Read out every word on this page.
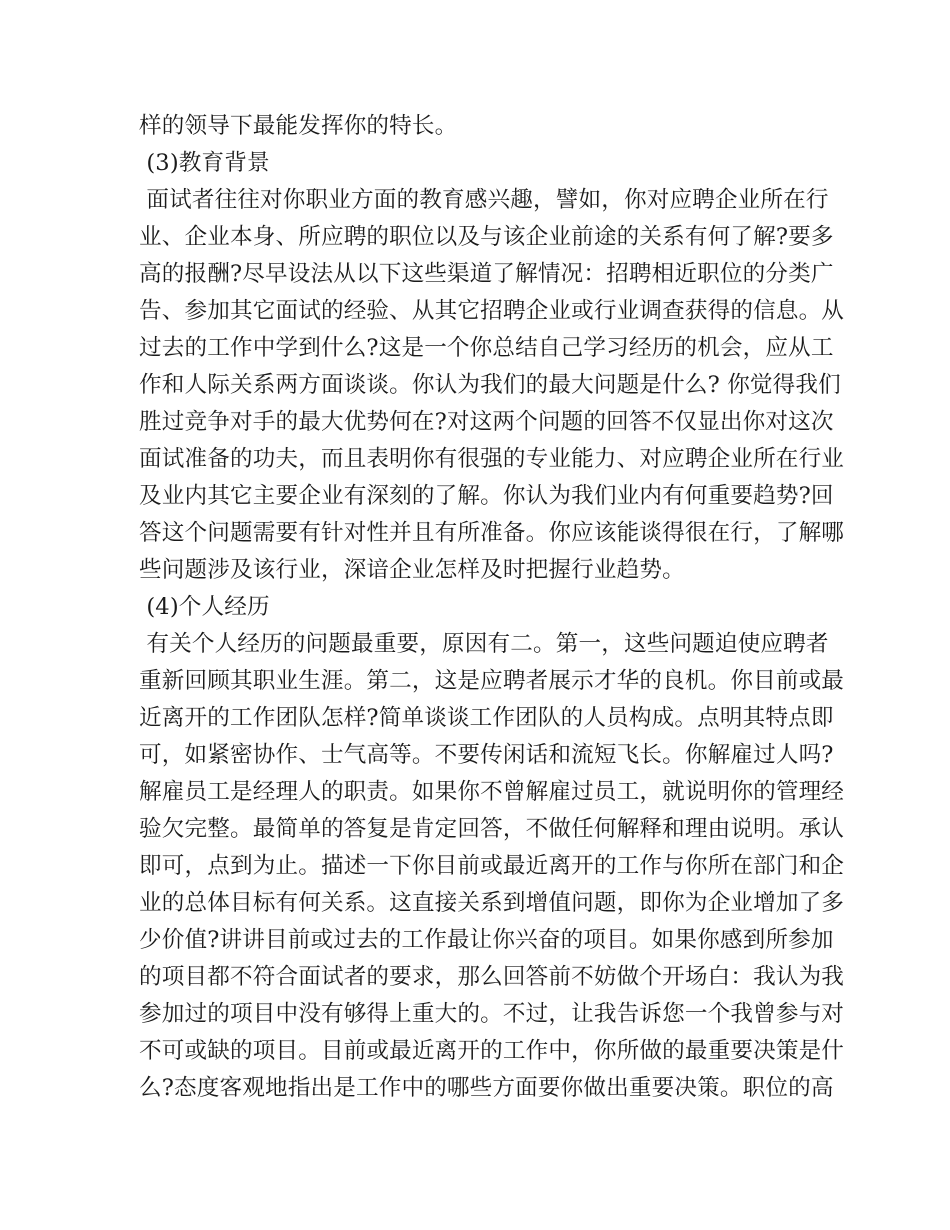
样的领导下最能发挥你的特长。
(3)教育背景
面试者往往对你职业方面的教育感兴趣，譬如，你对应聘企业所在行
业、企业本身、所应聘的职位以及与该企业前途的关系有何了解?要多
高的报酬?尽早设法从以下这些渠道了解情况：招聘相近职位的分类广
告、参加其它面试的经验、从其它招聘企业或行业调查获得的信息。从
过去的工作中学到什么?这是一个你总结自己学习经历的机会，应从工
作和人际关系两方面谈谈。你认为我们的最大问题是什么? 你觉得我们
胜过竞争对手的最大优势何在?对这两个问题的回答不仅显出你对这次
面试准备的功夫，而且表明你有很强的专业能力、对应聘企业所在行业
及业内其它主要企业有深刻的了解。你认为我们业内有何重要趋势?回
答这个问题需要有针对性并且有所准备。你应该能谈得很在行，了解哪
些问题涉及该行业，深谙企业怎样及时把握行业趋势。
(4)个人经历
有关个人经历的问题最重要，原因有二。第一，这些问题迫使应聘者
重新回顾其职业生涯。第二，这是应聘者展示才华的良机。你目前或最
近离开的工作团队怎样?简单谈谈工作团队的人员构成。点明其特点即
可，如紧密协作、士气高等。不要传闲话和流短飞长。你解雇过人吗?
解雇员工是经理人的职责。如果你不曾解雇过员工，就说明你的管理经
验欠完整。最简单的答复是肯定回答，不做任何解释和理由说明。承认
即可，点到为止。描述一下你目前或最近离开的工作与你所在部门和企
业的总体目标有何关系。这直接关系到增值问题，即你为企业增加了多
少价值?讲讲目前或过去的工作最让你兴奋的项目。如果你感到所参加
的项目都不符合面试者的要求，那么回答前不妨做个开场白：我认为我
参加过的项目中没有够得上重大的。不过，让我告诉您一个我曾参与对
不可或缺的项目。目前或最近离开的工作中，你所做的最重要决策是什
么?态度客观地指出是工作中的哪些方面要你做出重要决策。职位的高
